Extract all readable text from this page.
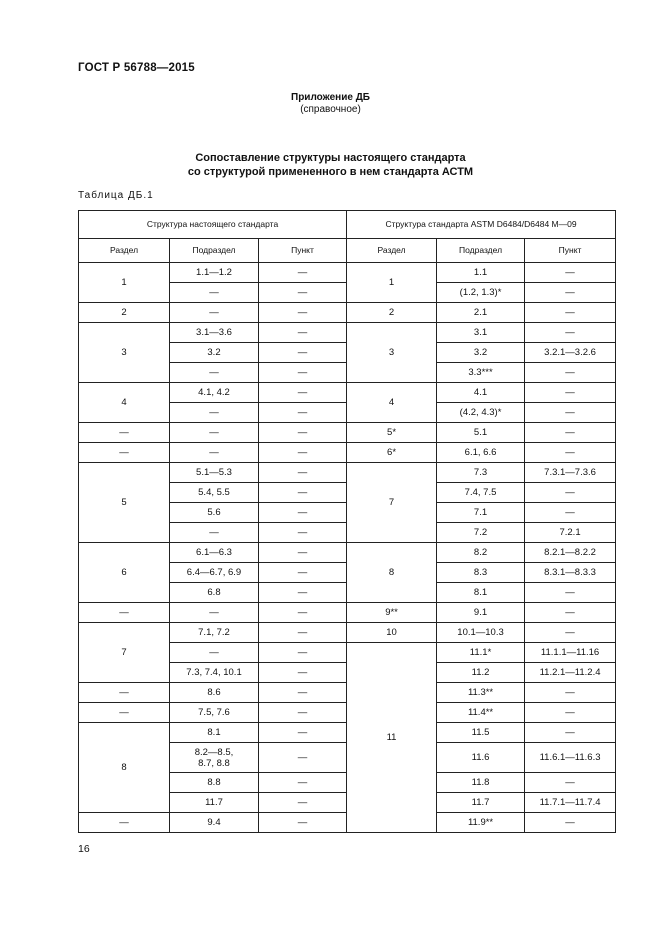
ГОСТ Р 56788—2015
Приложение ДБ
(справочное)
Сопоставление структуры настоящего стандарта
со структурой примененного в нем стандарта АСТМ
Таблица ДБ.1
Структура настоящего стандарта			Структура стандарта ASTM D6484/D6484 M—09		
Раздел	Подраздел	Пункт	Раздел	Подраздел	Пункт
1	1.1—1.2	—	1	1.1	—
	—	—		(1.2, 1.3)*	—
2	—	—	2	2.1	—
3	3.1—3.6	—	3	3.1	—
	3.2	—		3.2	3.2.1—3.2.6
	—	—		3.3***	—
4	4.1, 4.2	—	4	4.1	—
	—	—		(4.2, 4.3)*	—
—	—	—	5*	5.1	—
—	—	—	6*	6.1, 6.6	—
5	5.1—5.3	—	7	7.3	7.3.1—7.3.6
	5.4, 5.5	—		7.4, 7.5	—
	5.6	—		7.1	—
	—	—		7.2	7.2.1
6	6.1—6.3	—	8	8.2	8.2.1—8.2.2
	6.4—6.7, 6.9	—		8.3	8.3.1—8.3.3
	6.8	—		8.1	—
—	—	—	9**	9.1	—
7	7.1, 7.2	—	10	10.1—10.3	—
	—	—	11	11.1*	11.1.1—11.16
	7.3, 7.4, 10.1	—		11.2	11.2.1—11.2.4
—	8.6	—		11.3**	—
—	7.5, 7.6	—		11.4**	—
8	8.1	—		11.5	—
	8.2—8.5,
8.7, 8.8	—		11.6	11.6.1—11.6.3
	8.8	—		11.8	—
	11.7	—		11.7	11.7.1—11.7.4
—	9.4	—		11.9**	—
16
